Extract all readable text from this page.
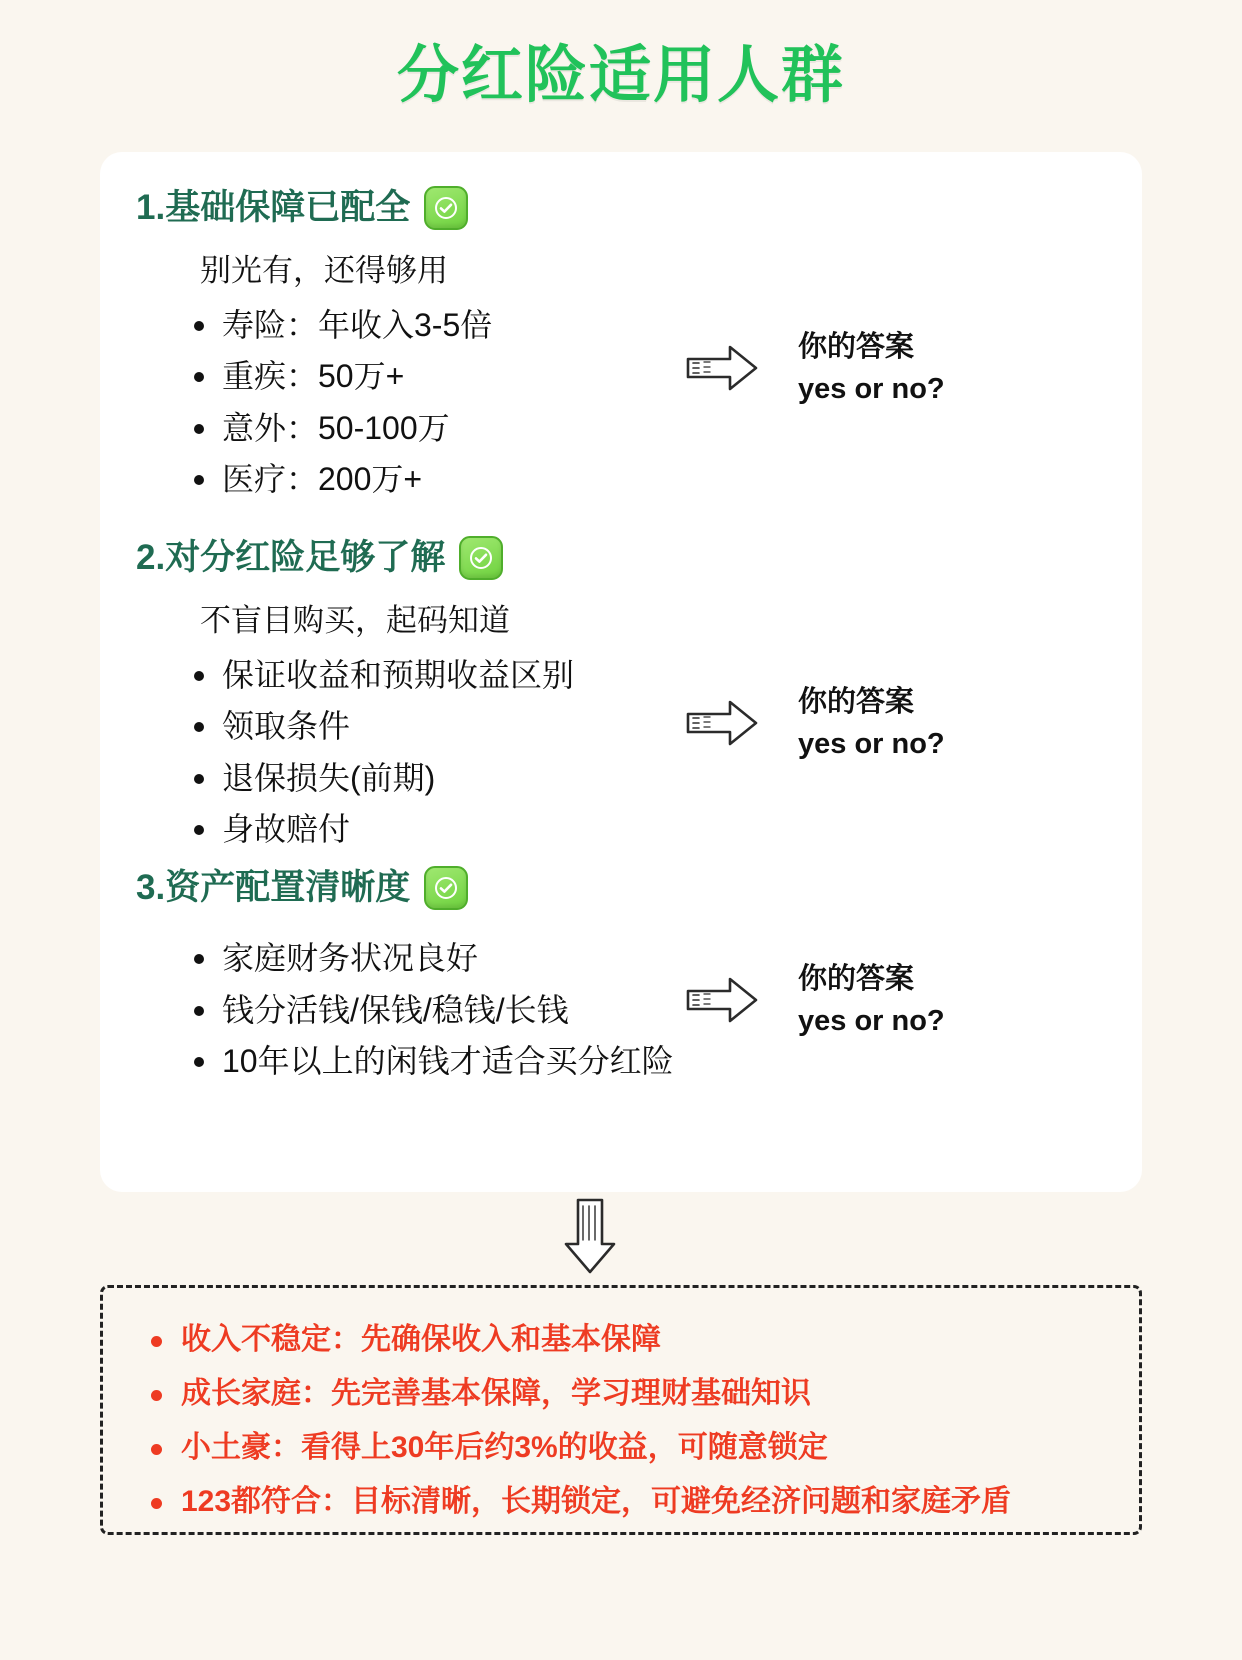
分红险适用人群
1.基础保障已配全

别光有，还得够用

寿险：年收入3-5倍
重疾：50万+
意外：50-100万
医疗：200万+
你的答案
yes or no?
2.对分红险足够了解

不盲目购买，起码知道

保证收益和预期收益区别
领取条件
退保损失(前期)
身故赔付
你的答案
yes or no?
3.资产配置清晰度
家庭财务状况良好
钱分活钱/保钱/稳钱/长钱
10年以上的闲钱才适合买分红险
你的答案
yes or no?
收入不稳定：先确保收入和基本保障
成长家庭：先完善基本保障，学习理财基础知识
小土豪：看得上30年后约3%的收益，可随意锁定
123都符合：目标清晰，长期锁定，可避免经济问题和家庭矛盾
